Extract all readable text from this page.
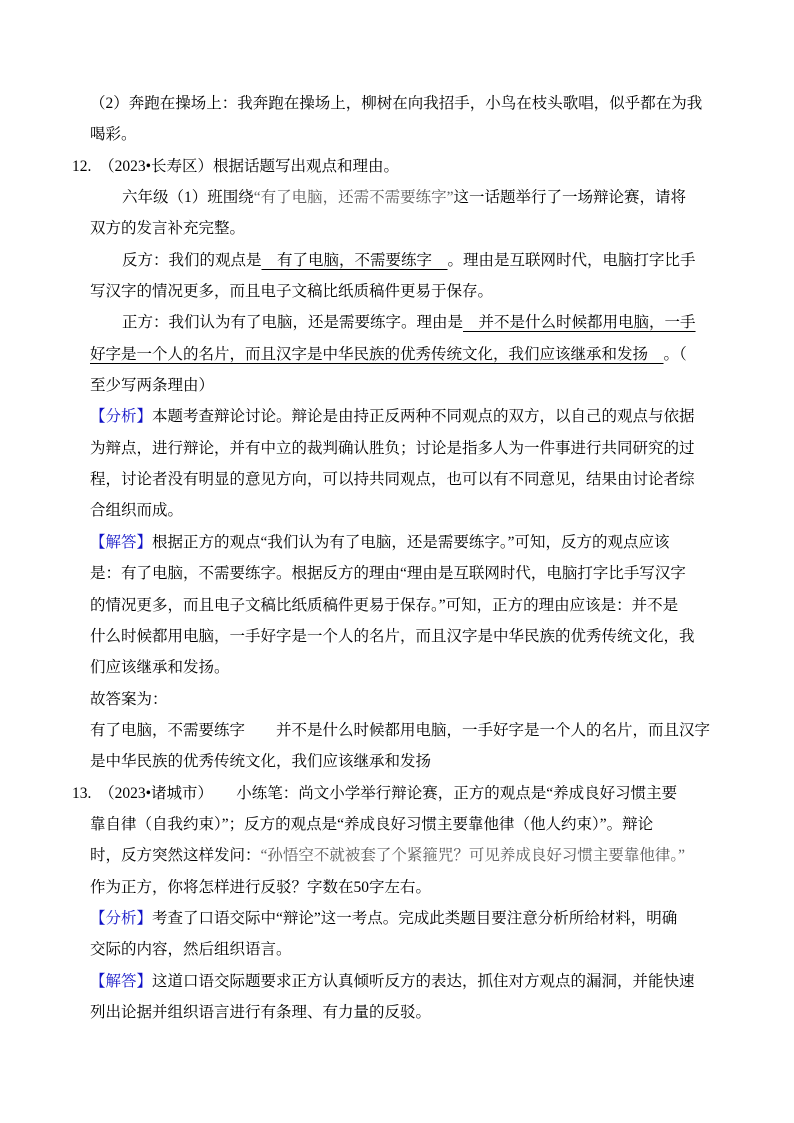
（2）奔跑在操场上：我奔跑在操场上，柳树在向我招手，小鸟在枝头歌唱，似乎都在为我
喝彩。
12.  （2023•长寿区）根据话题写出观点和理由。
六年级（1）班围绕“有了电脑，还需不需要练字”这一话题举行了一场辩论赛，请将
双方的发言补充完整。
反方：我们的观点是　有了电脑，不需要练字　。理由是互联网时代，电脑打字比手
写汉字的情况更多，而且电子文稿比纸质稿件更易于保存。
正方：我们认为有了电脑，还是需要练字。理由是　并不是什么时候都用电脑，一手
好字是一个人的名片，而且汉字是中华民族的优秀传统文化，我们应该继承和发扬　。（
至少写两条理由）
【分析】本题考查辩论讨论。辩论是由持正反两种不同观点的双方，以自己的观点与依据
为辩点，进行辩论，并有中立的裁判确认胜负；讨论是指多人为一件事进行共同研究的过
程，讨论者没有明显的意见方向，可以持共同观点，也可以有不同意见，结果由讨论者综
合组织而成。
【解答】根据正方的观点“我们认为有了电脑，还是需要练字。”可知，反方的观点应该
是：有了电脑，不需要练字。根据反方的理由“理由是互联网时代，电脑打字比手写汉字
的情况更多，而且电子文稿比纸质稿件更易于保存。”可知，正方的理由应该是：并不是
什么时候都用电脑，一手好字是一个人的名片，而且汉字是中华民族的优秀传统文化，我
们应该继承和发扬。
故答案为：
有了电脑，不需要练字　　并不是什么时候都用电脑，一手好字是一个人的名片，而且汉字
是中华民族的优秀传统文化，我们应该继承和发扬
13.  （2023•诸城市）　　小练笔：尚文小学举行辩论赛，正方的观点是“养成良好习惯主要
靠自律（自我约束）”；反方的观点是“养成良好习惯主要靠他律（他人约束）”。辩论
时，反方突然这样发问：“孙悟空不就被套了个紧箍咒？可见养成良好习惯主要靠他律。”
作为正方，你将怎样进行反驳？字数在50字左右。
【分析】考查了口语交际中“辩论”这一考点。完成此类题目要注意分析所给材料，明确
交际的内容，然后组织语言。
【解答】这道口语交际题要求正方认真倾听反方的表达，抓住对方观点的漏洞，并能快速
列出论据并组织语言进行有条理、有力量的反驳。
